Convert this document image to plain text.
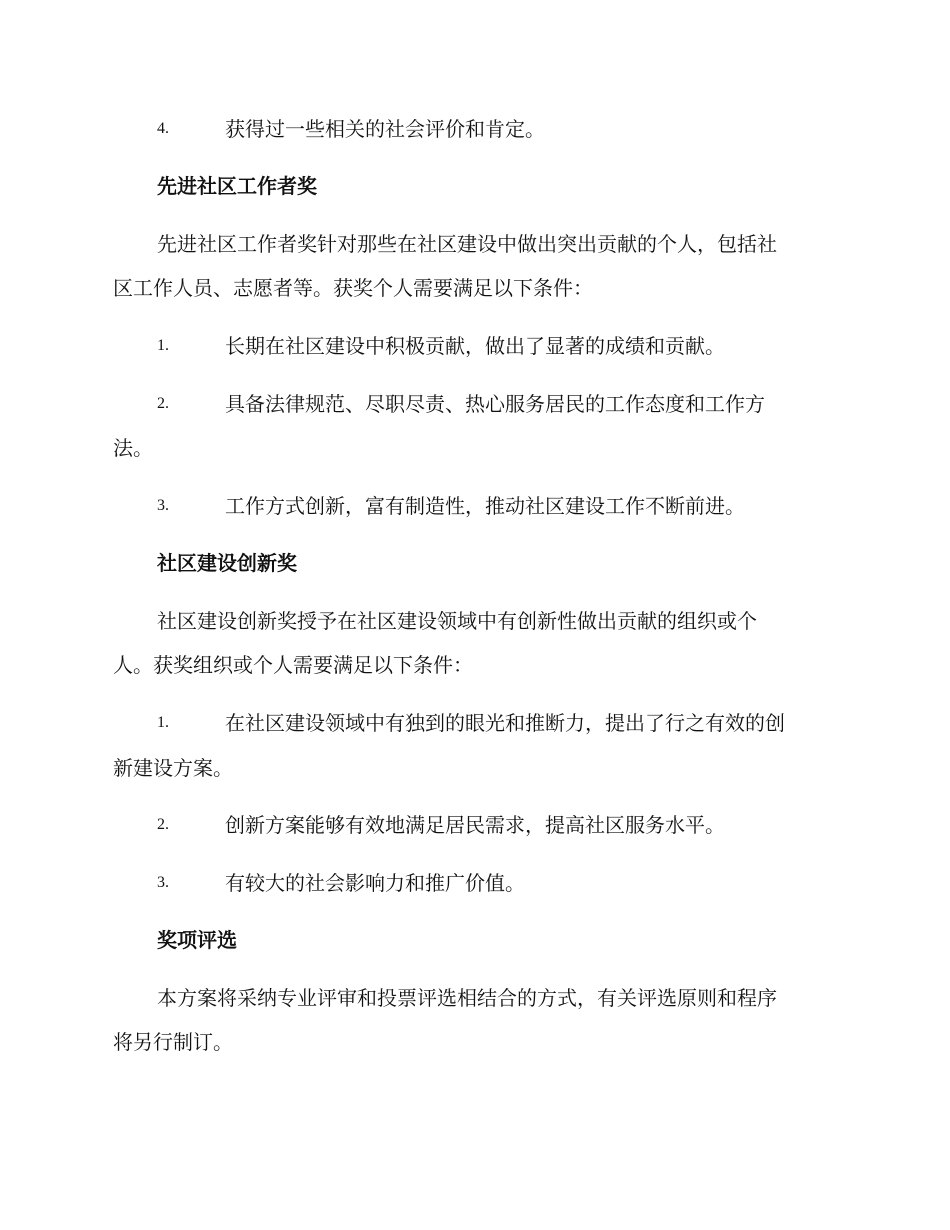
4.	获得过一些相关的社会评价和肯定。
先进社区工作者奖
先进社区工作者奖针对那些在社区建设中做出突出贡献的个人，包括社
区工作人员、志愿者等。获奖个人需要满足以下条件：
1.	长期在社区建设中积极贡献，做出了显著的成绩和贡献。
2.	具备法律规范、尽职尽责、热心服务居民的工作态度和工作方
法。
3.	工作方式创新，富有制造性，推动社区建设工作不断前进。
社区建设创新奖
社区建设创新奖授予在社区建设领域中有创新性做出贡献的组织或个
人。获奖组织或个人需要满足以下条件：
1.	在社区建设领域中有独到的眼光和推断力，提出了行之有效的创
新建设方案。
2.	创新方案能够有效地满足居民需求，提高社区服务水平。
3.	有较大的社会影响力和推广价值。
奖项评选
本方案将采纳专业评审和投票评选相结合的方式，有关评选原则和程序
将另行制订。
